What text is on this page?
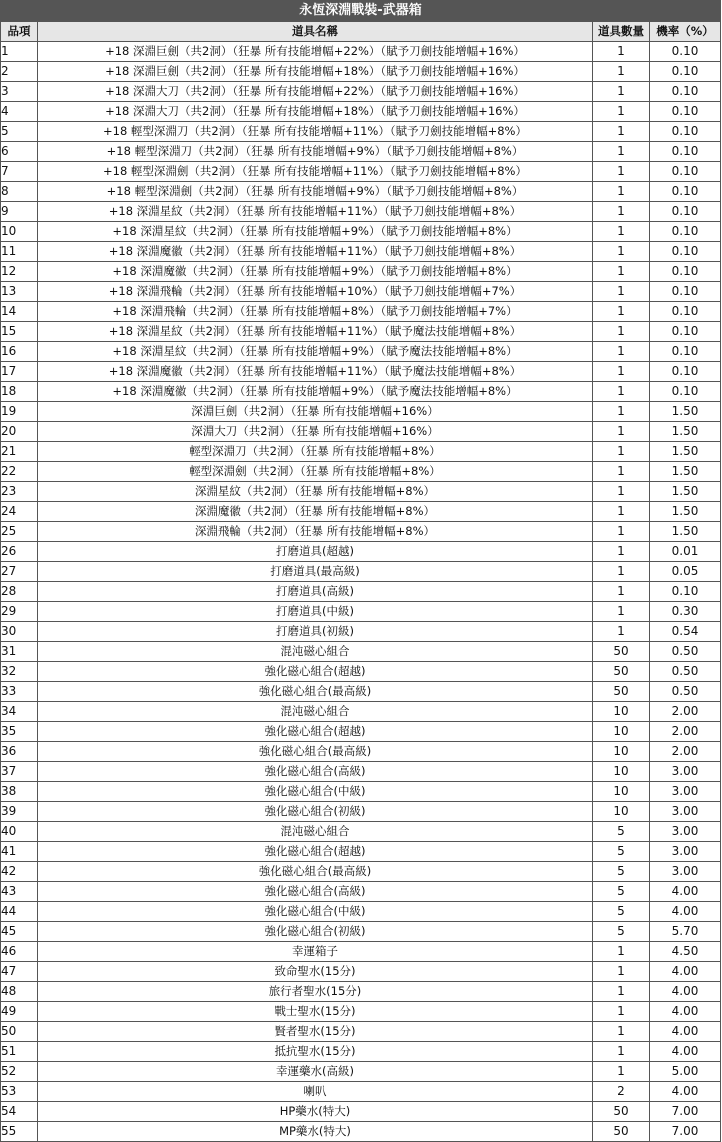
永恆深淵戰裝-武器箱
品項	道具名稱	道具數量	機率（%）
1	+18 深淵巨劍（共2洞）（狂暴 所有技能增幅+22%）（賦予刀劍技能增幅+16%）	1	0.10
2	+18 深淵巨劍（共2洞）（狂暴 所有技能增幅+18%）（賦予刀劍技能增幅+16%）	1	0.10
3	+18 深淵大刀（共2洞）（狂暴 所有技能增幅+22%）（賦予刀劍技能增幅+16%）	1	0.10
4	+18 深淵大刀（共2洞）（狂暴 所有技能增幅+18%）（賦予刀劍技能增幅+16%）	1	0.10
5	+18 輕型深淵刀（共2洞）（狂暴 所有技能增幅+11%）（賦予刀劍技能增幅+8%）	1	0.10
6	+18 輕型深淵刀（共2洞）（狂暴 所有技能增幅+9%）（賦予刀劍技能增幅+8%）	1	0.10
7	+18 輕型深淵劍（共2洞）（狂暴 所有技能增幅+11%）（賦予刀劍技能增幅+8%）	1	0.10
8	+18 輕型深淵劍（共2洞）（狂暴 所有技能增幅+9%）（賦予刀劍技能增幅+8%）	1	0.10
9	+18 深淵星紋（共2洞）（狂暴 所有技能增幅+11%）（賦予刀劍技能增幅+8%）	1	0.10
10	+18 深淵星紋（共2洞）（狂暴 所有技能增幅+9%）（賦予刀劍技能增幅+8%）	1	0.10
11	+18 深淵魔徽（共2洞）（狂暴 所有技能增幅+11%）（賦予刀劍技能增幅+8%）	1	0.10
12	+18 深淵魔徽（共2洞）（狂暴 所有技能增幅+9%）（賦予刀劍技能增幅+8%）	1	0.10
13	+18 深淵飛輪（共2洞）（狂暴 所有技能增幅+10%）（賦予刀劍技能增幅+7%）	1	0.10
14	+18 深淵飛輪（共2洞）（狂暴 所有技能增幅+8%）（賦予刀劍技能增幅+7%）	1	0.10
15	+18 深淵星紋（共2洞）（狂暴 所有技能增幅+11%）（賦予魔法技能增幅+8%）	1	0.10
16	+18 深淵星紋（共2洞）（狂暴 所有技能增幅+9%）（賦予魔法技能增幅+8%）	1	0.10
17	+18 深淵魔徽（共2洞）（狂暴 所有技能增幅+11%）（賦予魔法技能增幅+8%）	1	0.10
18	+18 深淵魔徽（共2洞）（狂暴 所有技能增幅+9%）（賦予魔法技能增幅+8%）	1	0.10
19	深淵巨劍（共2洞）（狂暴 所有技能增幅+16%）	1	1.50
20	深淵大刀（共2洞）（狂暴 所有技能增幅+16%）	1	1.50
21	輕型深淵刀（共2洞）（狂暴 所有技能增幅+8%）	1	1.50
22	輕型深淵劍（共2洞）（狂暴 所有技能增幅+8%）	1	1.50
23	深淵星紋（共2洞）（狂暴 所有技能增幅+8%）	1	1.50
24	深淵魔徽（共2洞）（狂暴 所有技能增幅+8%）	1	1.50
25	深淵飛輪（共2洞）（狂暴 所有技能增幅+8%）	1	1.50
26	打磨道具(超越)	1	0.01
27	打磨道具(最高級)	1	0.05
28	打磨道具(高級)	1	0.10
29	打磨道具(中級)	1	0.30
30	打磨道具(初級)	1	0.54
31	混沌磁心組合	50	0.50
32	強化磁心組合(超越)	50	0.50
33	強化磁心組合(最高級)	50	0.50
34	混沌磁心組合	10	2.00
35	強化磁心組合(超越)	10	2.00
36	強化磁心組合(最高級)	10	2.00
37	強化磁心組合(高級)	10	3.00
38	強化磁心組合(中級)	10	3.00
39	強化磁心組合(初級)	10	3.00
40	混沌磁心組合	5	3.00
41	強化磁心組合(超越)	5	3.00
42	強化磁心組合(最高級)	5	3.00
43	強化磁心組合(高級)	5	4.00
44	強化磁心組合(中級)	5	4.00
45	強化磁心組合(初級)	5	5.70
46	幸運箱子	1	4.50
47	致命聖水(15分)	1	4.00
48	旅行者聖水(15分)	1	4.00
49	戰士聖水(15分)	1	4.00
50	賢者聖水(15分)	1	4.00
51	抵抗聖水(15分)	1	4.00
52	幸運藥水(高級)	1	5.00
53	喇叭	2	4.00
54	HP藥水(特大)	50	7.00
55	MP藥水(特大)	50	7.00
